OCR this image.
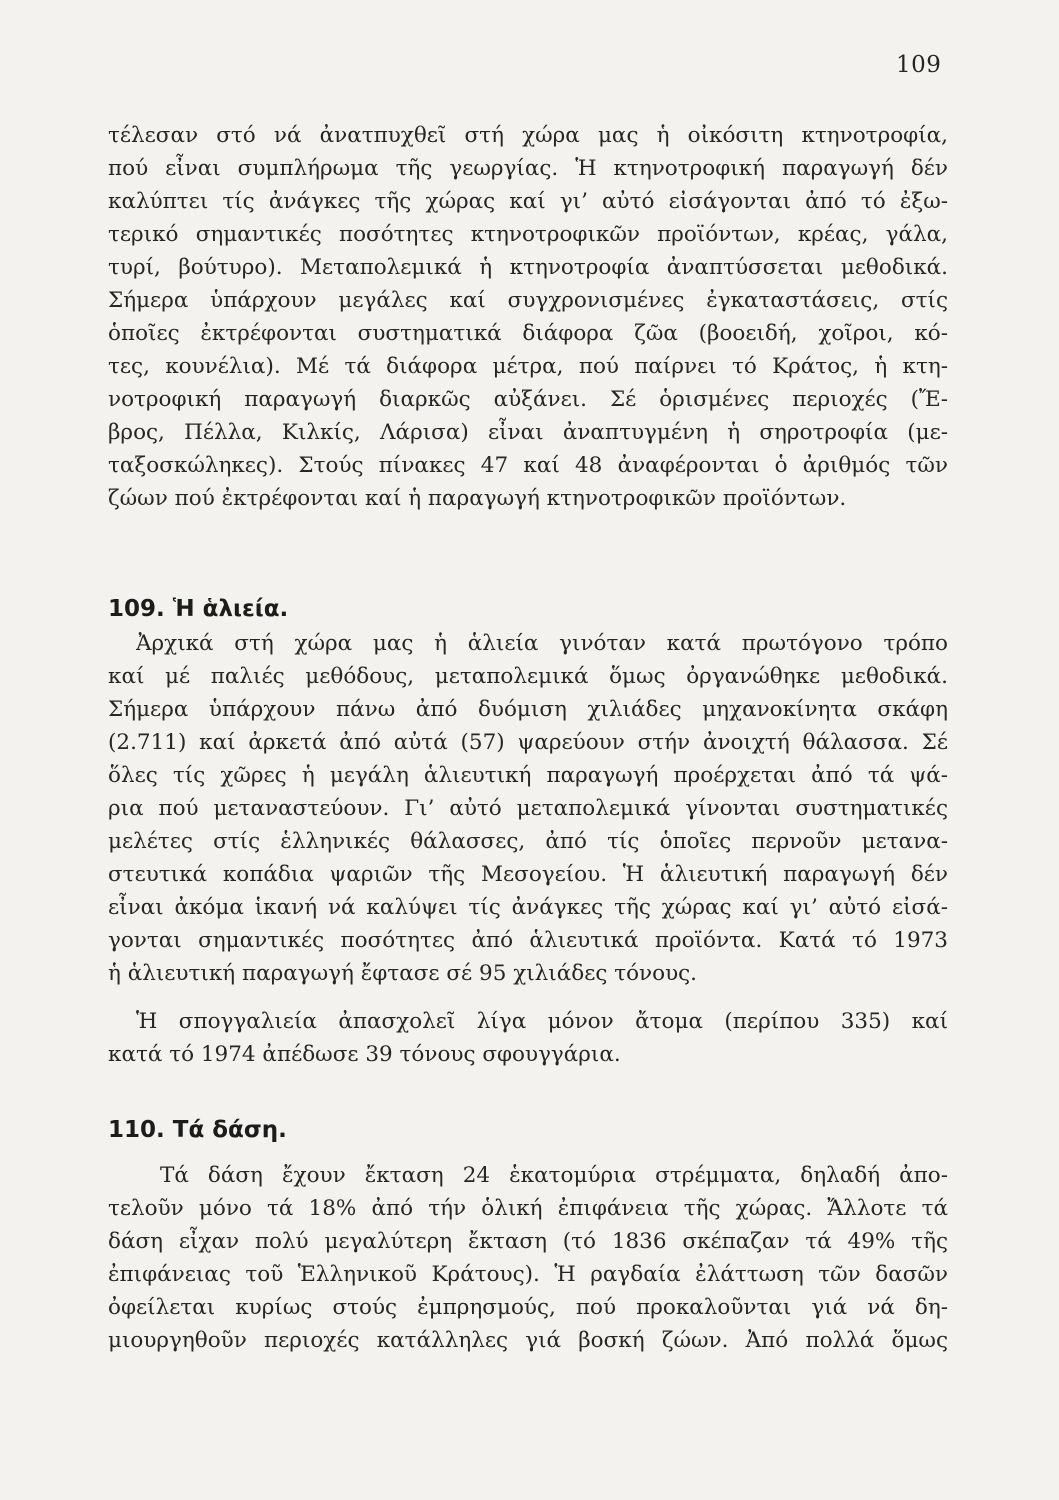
109
τέλεσαν στό νά ἀνατπυχθεῖ στή χώρα μας ἡ οἰκόσιτη κτηνοτροφία,
πού εἶναι συμπλήρωμα τῆς γεωργίας. Ἡ κτηνοτροφική παραγωγή δέν
καλύπτει τίς ἀνάγκες τῆς χώρας καί γι’ αὐτό εἰσάγονται ἀπό τό ἐξω-
τερικό σημαντικές ποσότητες κτηνοτροφικῶν προϊόντων, κρέας, γάλα,
τυρί, βούτυρο). Μεταπολεμικά ἡ κτηνοτροφία ἀναπτύσσεται μεθοδικά.
Σήμερα ὑπάρχουν μεγάλες καί συγχρονισμένες ἐγκαταστάσεις, στίς
ὁποῖες ἐκτρέφονται συστηματικά διάφορα ζῶα (βοοειδή, χοῖροι, κό-
τες, κουνέλια). Μέ τά διάφορα μέτρα, πού παίρνει τό Κράτος, ἡ κτη-
νοτροφική παραγωγή διαρκῶς αὐξάνει. Σέ ὁρισμένες περιοχές (Ἔ-
βρος, Πέλλα, Κιλκίς, Λάρισα) εἶναι ἀναπτυγμένη ἡ σηροτροφία (με-
ταξοσκώληκες). Στούς πίνακες 47 καί 48 ἀναφέρονται ὁ ἀριθμός τῶν
ζώων πού ἐκτρέφονται καί ἡ παραγωγή κτηνοτροφικῶν προϊόντων.
109. Ἡ ἁλιεία.
Ἀρχικά στή χώρα μας ἡ ἁλιεία γινόταν κατά πρωτόγονο τρόπο
καί μέ παλιές μεθόδους, μεταπολεμικά ὅμως ὀργανώθηκε μεθοδικά.
Σήμερα ὑπάρχουν πάνω ἀπό δυόμιση χιλιάδες μηχανοκίνητα σκάφη
(2.711) καί ἀρκετά ἀπό αὐτά (57) ψαρεύουν στήν ἀνοιχτή θάλασσα. Σέ
ὅλες τίς χῶρες ἡ μεγάλη ἁλιευτική παραγωγή προέρχεται ἀπό τά ψά-
ρια πού μεταναστεύουν. Γι’ αὐτό μεταπολεμικά γίνονται συστηματικές
μελέτες στίς ἑλληνικές θάλασσες, ἀπό τίς ὁποῖες περνοῦν μετανα-
στευτικά κοπάδια ψαριῶν τῆς Μεσογείου. Ἡ ἁλιευτική παραγωγή δέν
εἶναι ἀκόμα ἱκανή νά καλύψει τίς ἀνάγκες τῆς χώρας καί γι’ αὐτό εἰσά-
γονται σημαντικές ποσότητες ἀπό ἁλιευτικά προϊόντα. Κατά τό 1973
ἡ ἁλιευτική παραγωγή ἔφτασε σέ 95 χιλιάδες τόνους.
Ἡ σπογγαλιεία ἀπασχολεῖ λίγα μόνον ἄτομα (περίπου 335) καί
κατά τό 1974 ἀπέδωσε 39 τόνους σφουγγάρια.
110. Τά δάση.
Τά δάση ἔχουν ἔκταση 24 ἑκατομύρια στρέμματα, δηλαδή ἀπο-
τελοῦν μόνο τά 18% ἀπό τήν ὁλική ἐπιφάνεια τῆς χώρας. Ἄλλοτε τά
δάση εἶχαν πολύ μεγαλύτερη ἔκταση (τό 1836 σκέπαζαν τά 49% τῆς
ἐπιφάνειας τοῦ Ἑλληνικοῦ Κράτους). Ἡ ραγδαία ἐλάττωση τῶν δασῶν
ὀφείλεται κυρίως στούς ἐμπρησμούς, πού προκαλοῦνται γιά νά δη-
μιουργηθοῦν περιοχές κατάλληλες γιά βοσκή ζώων. Ἀπό πολλά ὅμως
